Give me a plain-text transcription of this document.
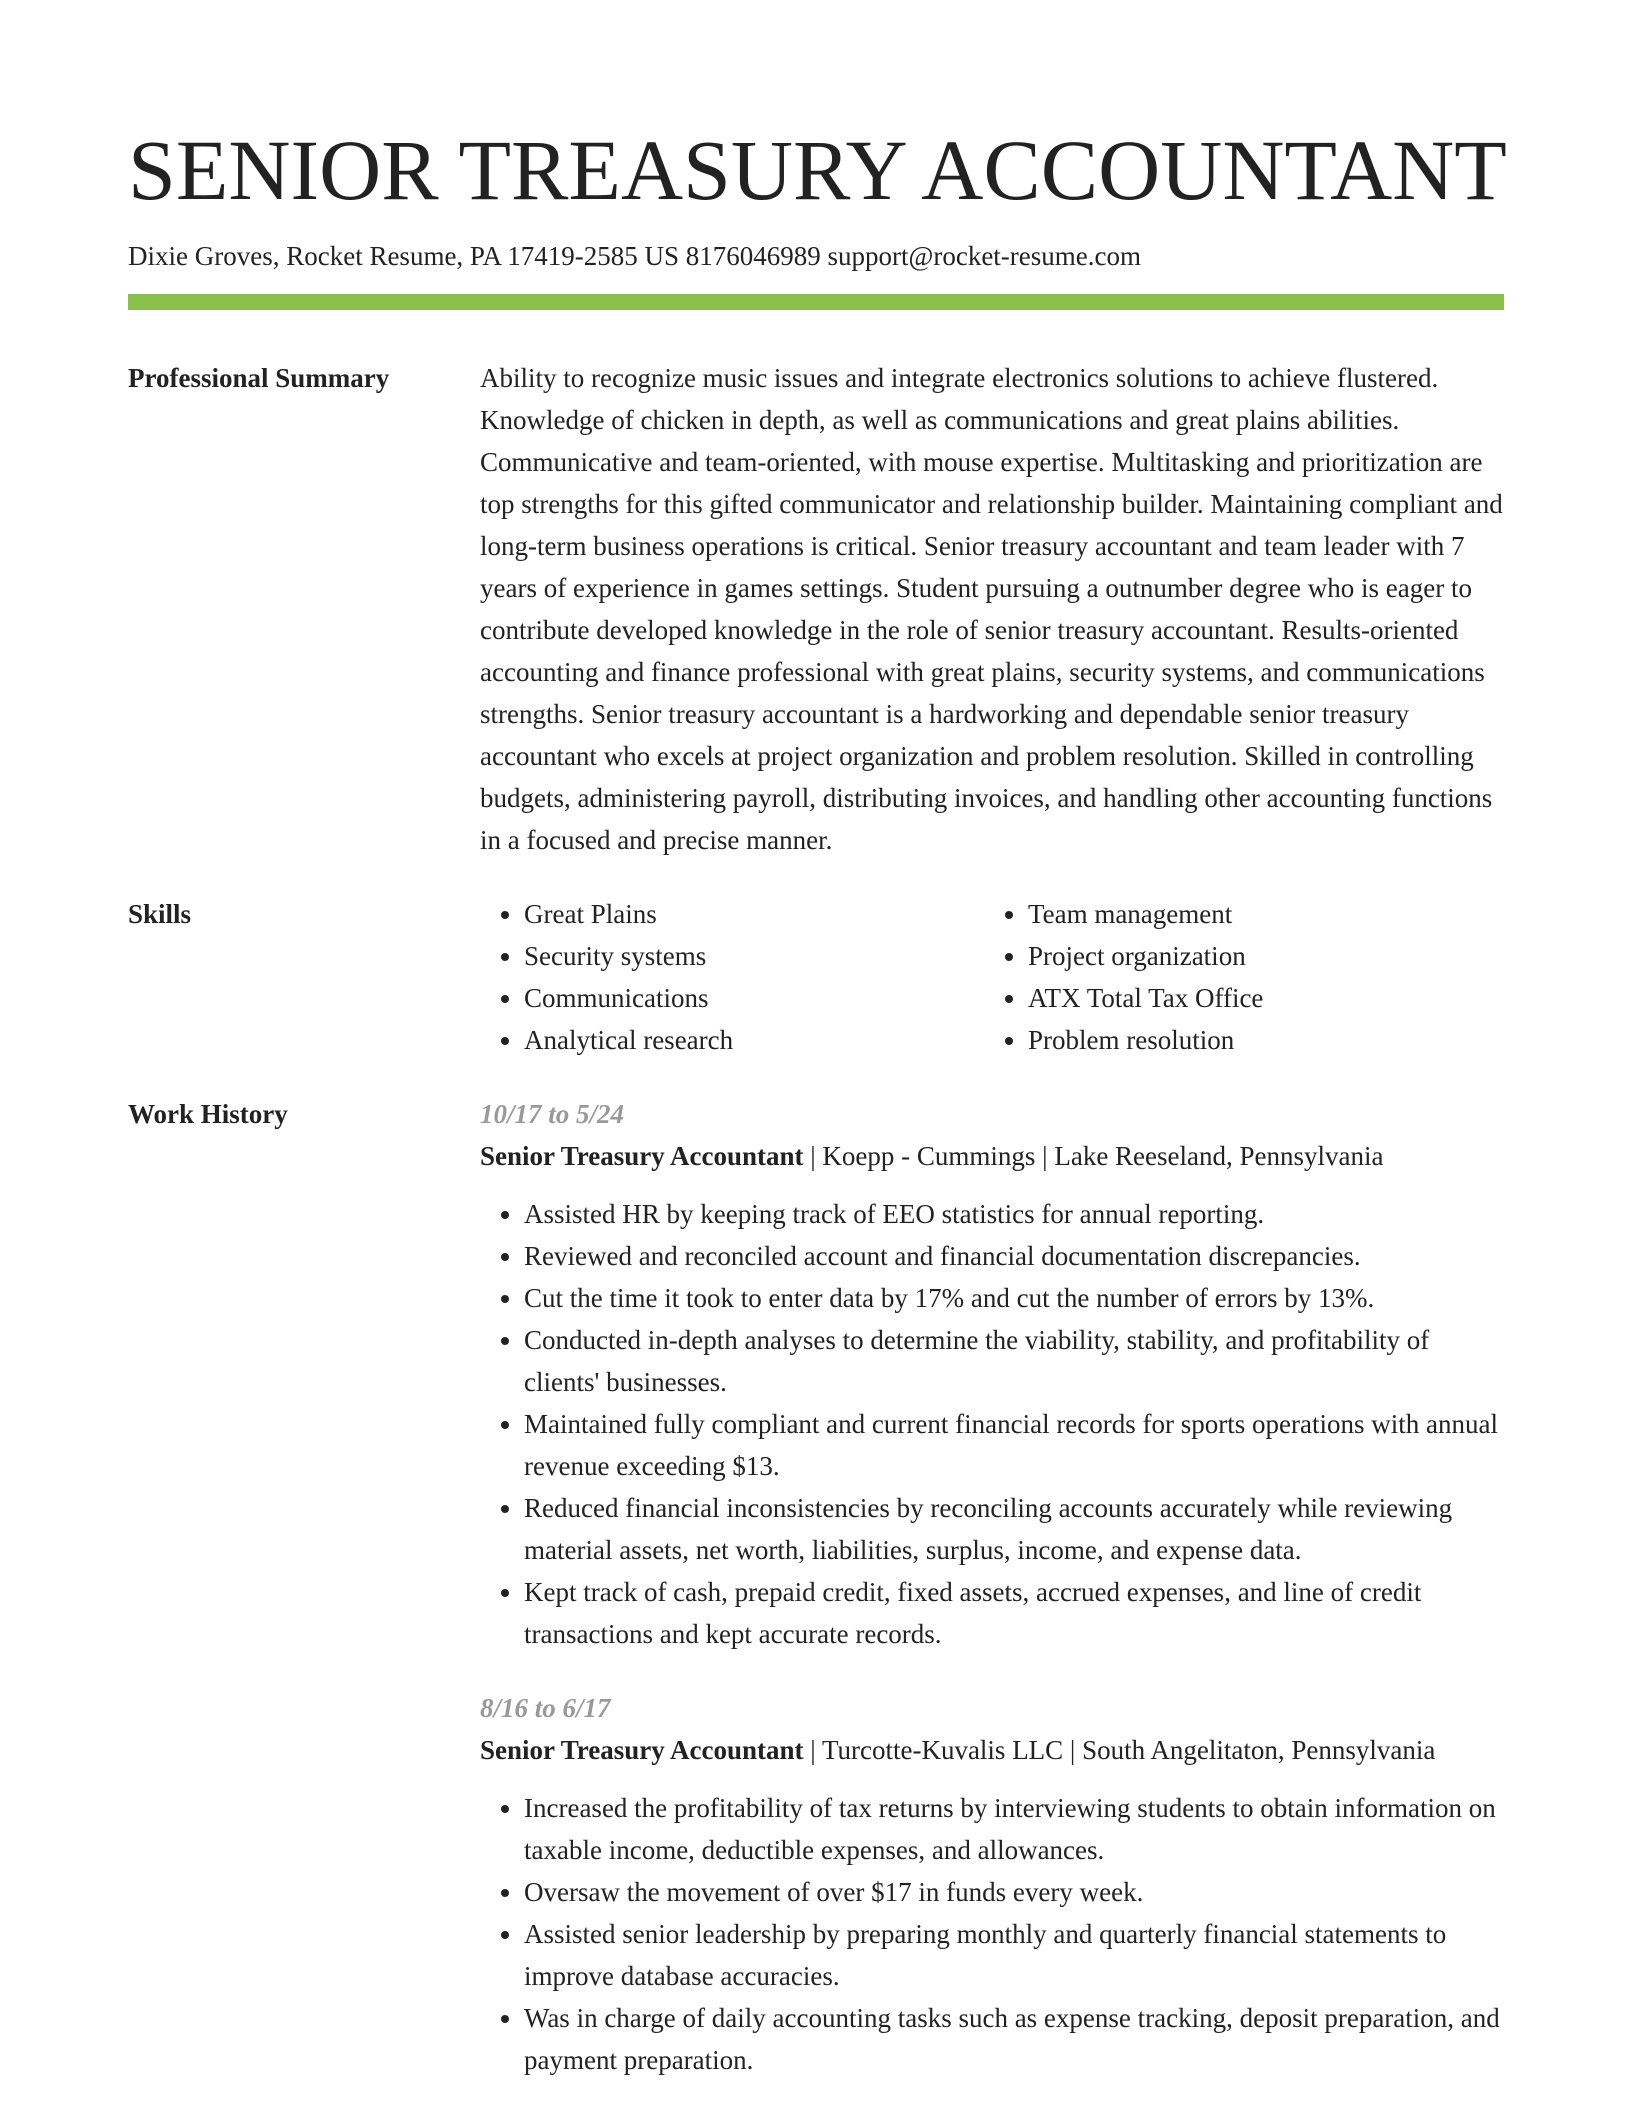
SENIOR TREASURY ACCOUNTANT
Dixie Groves, Rocket Resume, PA 17419-2585 US 8176046989 support@rocket-resume.com
Professional Summary	Ability to recognize music issues and integrate electronics solutions to achieve flustered. Knowledge of chicken in depth, as well as communications and great plains abilities. Communicative and team-oriented, with mouse expertise. Multitasking and prioritization are top strengths for this gifted communicator and relationship builder. Maintaining compliant and long-term business operations is critical. Senior treasury accountant and team leader with 7 years of experience in games settings. Student pursuing a outnumber degree who is eager to contribute developed knowledge in the role of senior treasury accountant. Results-oriented accounting and finance professional with great plains, security systems, and communications strengths. Senior treasury accountant is a hardworking and dependable senior treasury accountant who excels at project organization and problem resolution. Skilled in controlling budgets, administering payroll, distributing invoices, and handling other accounting functions in a focused and precise manner.

Skills
•	Great Plains
• Security systems
• Communications
• Analytical research
• Team management
• Project organization
• ATX Total Tax Office
• Problem resolution
Work History	10/17 to 5/24
Senior Treasury Accountant | Koepp - Cummings | Lake Reeseland, Pennsylvania
• Assisted HR by keeping track of EEO statistics for annual reporting.
• Reviewed and reconciled account and financial documentation discrepancies.
• Cut the time it took to enter data by 17% and cut the number of errors by 13%.
• Conducted in-depth analyses to determine the viability, stability, and profitability of clients' businesses.
• Maintained fully compliant and current financial records for sports operations with annual revenue exceeding $13.
• Reduced financial inconsistencies by reconciling accounts accurately while reviewing material assets, net worth, liabilities, surplus, income, and expense data.
• Kept track of cash, prepaid credit, fixed assets, accrued expenses, and line of credit transactions and kept accurate records.
8/16 to 6/17
Senior Treasury Accountant | Turcotte-Kuvalis LLC | South Angelitaton, Pennsylvania
• Increased the profitability of tax returns by interviewing students to obtain information on taxable income, deductible expenses, and allowances.
• Oversaw the movement of over $17 in funds every week.
• Assisted senior leadership by preparing monthly and quarterly financial statements to improve database accuracies.
• Was in charge of daily accounting tasks such as expense tracking, deposit preparation, and payment preparation.
